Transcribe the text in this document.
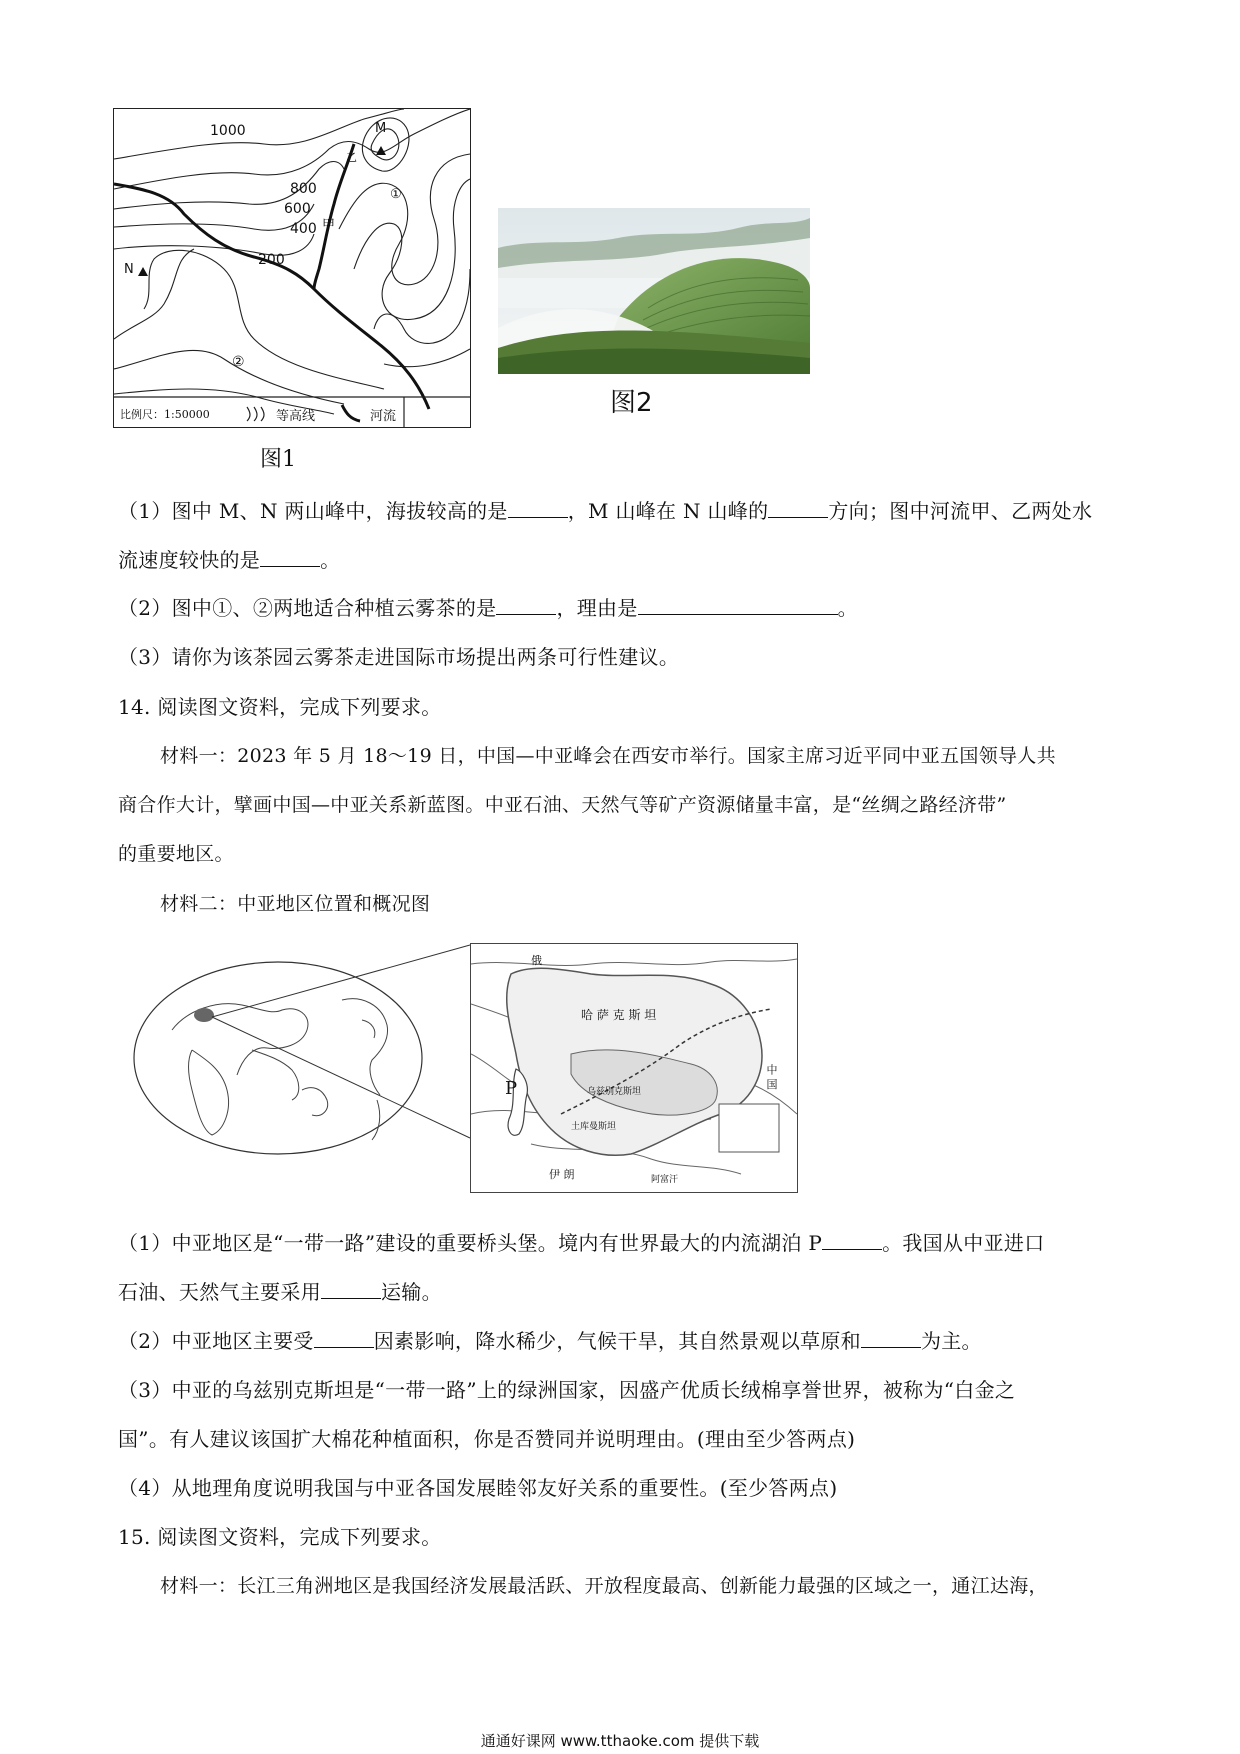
1000
800
600
400
200
M
N
①
②
甲
乙
比例尺：1:50000	等高线	河流
图1
图2
（1）图中 M、N 两山峰中，海拔较高的是	，M 山峰在 N 山峰的	方向；图中河流甲、乙两处水
流速度较快的是	。
（2）图中①、②两地适合种植云雾茶的是	，理由是	。
（3）请你为该茶园云雾茶走进国际市场提出两条可行性建议。
14. 阅读图文资料，完成下列要求。
材料一：2023 年 5 月 18～19 日，中国—中亚峰会在西安市举行。国家主席习近平同中亚五国领导人共
商合作大计，擘画中国—中亚关系新蓝图。中亚石油、天然气等矿产资源储量丰富，是“丝绸之路经济带”
的重要地区。
材料二：中亚地区位置和概况图
P
哈 萨 克 斯 坦
中 国
俄
土库曼斯坦
乌兹别克斯坦
伊 朗	阿富汗
（1）中亚地区是“一带一路”建设的重要桥头堡。境内有世界最大的内流湖泊 P	。我国从中亚进口
石油、天然气主要采用	运输。
（2）中亚地区主要受	因素影响，降水稀少，气候干旱，其自然景观以草原和	为主。
（3）中亚的乌兹别克斯坦是“一带一路”上的绿洲国家，因盛产优质长绒棉享誉世界，被称为“白金之
国”。有人建议该国扩大棉花种植面积，你是否赞同并说明理由。(理由至少答两点)
（4）从地理角度说明我国与中亚各国发展睦邻友好关系的重要性。(至少答两点)
15. 阅读图文资料，完成下列要求。
材料一：长江三角洲地区是我国经济发展最活跃、开放程度最高、创新能力最强的区域之一，通江达海，
通通好课网 www.tthaoke.com 提供下载
